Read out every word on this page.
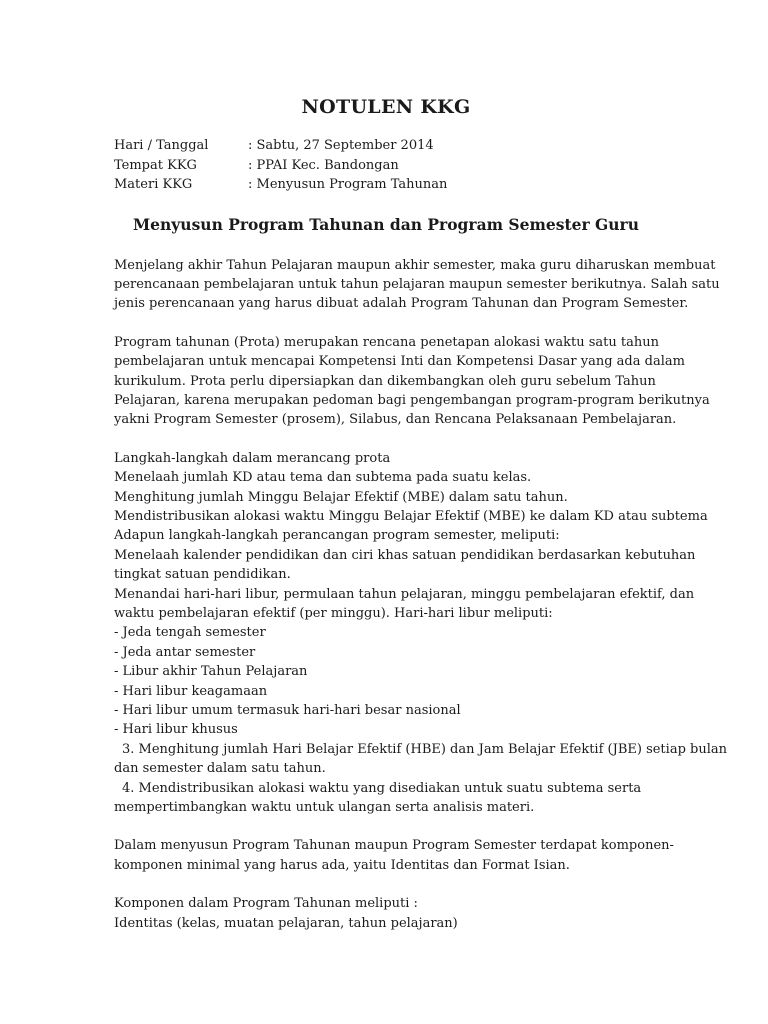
NOTULEN KKG
Hari / Tanggal	: Sabtu, 27 September 2014
Tempat KKG	: PPAI Kec. Bandongan
Materi KKG	: Menyusun Program Tahunan
Menyusun Program Tahunan dan Program Semester Guru
Menjelang akhir Tahun Pelajaran maupun akhir semester, maka guru diharuskan membuat
perencanaan pembelajaran untuk tahun pelajaran maupun semester berikutnya. Salah satu
jenis perencanaan yang harus dibuat adalah Program Tahunan dan Program Semester.
Program tahunan (Prota) merupakan rencana penetapan alokasi waktu satu tahun
pembelajaran untuk mencapai Kompetensi Inti dan Kompetensi Dasar yang ada dalam
kurikulum. Prota perlu dipersiapkan dan dikembangkan oleh guru sebelum Tahun
Pelajaran, karena merupakan pedoman bagi pengembangan program-program berikutnya
yakni Program Semester (prosem), Silabus, dan Rencana Pelaksanaan Pembelajaran.
Langkah-langkah dalam merancang prota
Menelaah jumlah KD atau tema dan subtema pada suatu kelas.
Menghitung jumlah Minggu Belajar Efektif (MBE) dalam satu tahun.
Mendistribusikan alokasi waktu Minggu Belajar Efektif (MBE) ke dalam KD atau subtema
Adapun langkah-langkah perancangan program semester, meliputi:
Menelaah kalender pendidikan dan ciri khas satuan pendidikan berdasarkan kebutuhan
tingkat satuan pendidikan.
Menandai hari-hari libur, permulaan tahun pelajaran, minggu pembelajaran efektif, dan
waktu pembelajaran efektif (per minggu). Hari-hari libur meliputi:
- Jeda tengah semester
- Jeda antar semester
- Libur akhir Tahun Pelajaran
- Hari libur keagamaan
- Hari libur umum termasuk hari-hari besar nasional
- Hari libur khusus
3. Menghitung jumlah Hari Belajar Efektif (HBE) dan Jam Belajar Efektif (JBE) setiap bulan
dan semester dalam satu tahun.
4. Mendistribusikan alokasi waktu yang disediakan untuk suatu subtema serta
mempertimbangkan waktu untuk ulangan serta analisis materi.
Dalam menyusun Program Tahunan maupun Program Semester terdapat komponen-
komponen minimal yang harus ada, yaitu Identitas dan Format Isian.
Komponen dalam Program Tahunan meliputi :
Identitas (kelas, muatan pelajaran, tahun pelajaran)
